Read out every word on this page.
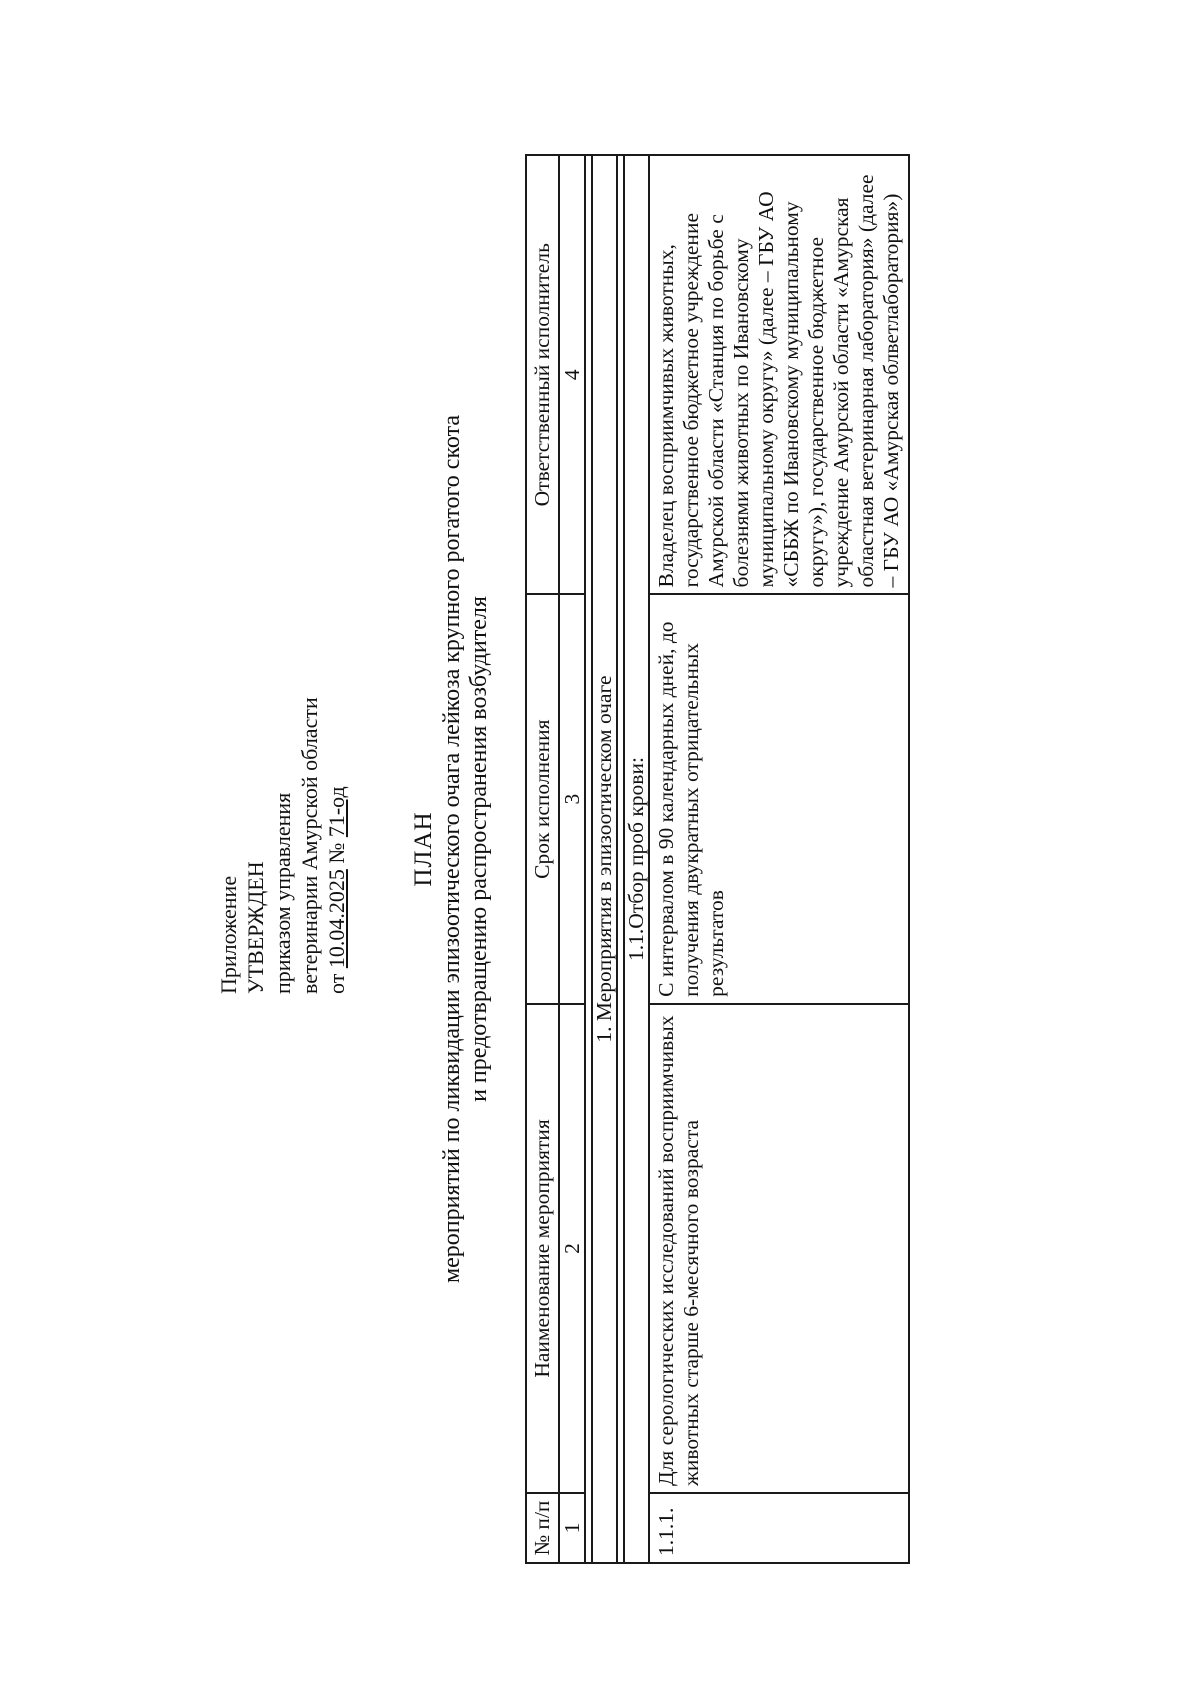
Приложение УТВЕРЖДЕН приказом управления ветеринарии Амурской области от 10.04.2025 № 71-од ПЛАН мероприятий по ликвидации эпизоотического очага лейкоза крупного рогатого скота и предотвращению распространения возбудителя
№ п/п	Наименование мероприятия	Срок исполнения	Ответственный исполнитель
1	2	3	4

1. Мероприятия в эпизоотическом очаге			

1.1.Отбор проб крови:			
1.1.1.	Для серологических исследований восприимчивых животных старше 6-месячного возраста	С интервалом в 90 календарных дней, до получения двукратных отрицательных результатов	Владелец восприимчивых животных, государственное бюджетное учреждение Амурской области «Станция по борьбе с болезнями животных по Ивановскому муниципальному округу» (далее – ГБУ АО «СББЖ по Ивановскому муниципальному округу»), государственное бюджетное учреждение Амурской области «Амурская областная ветеринарная лаборатория» (далее – ГБУ АО «Амурская облветлаборатория»)
